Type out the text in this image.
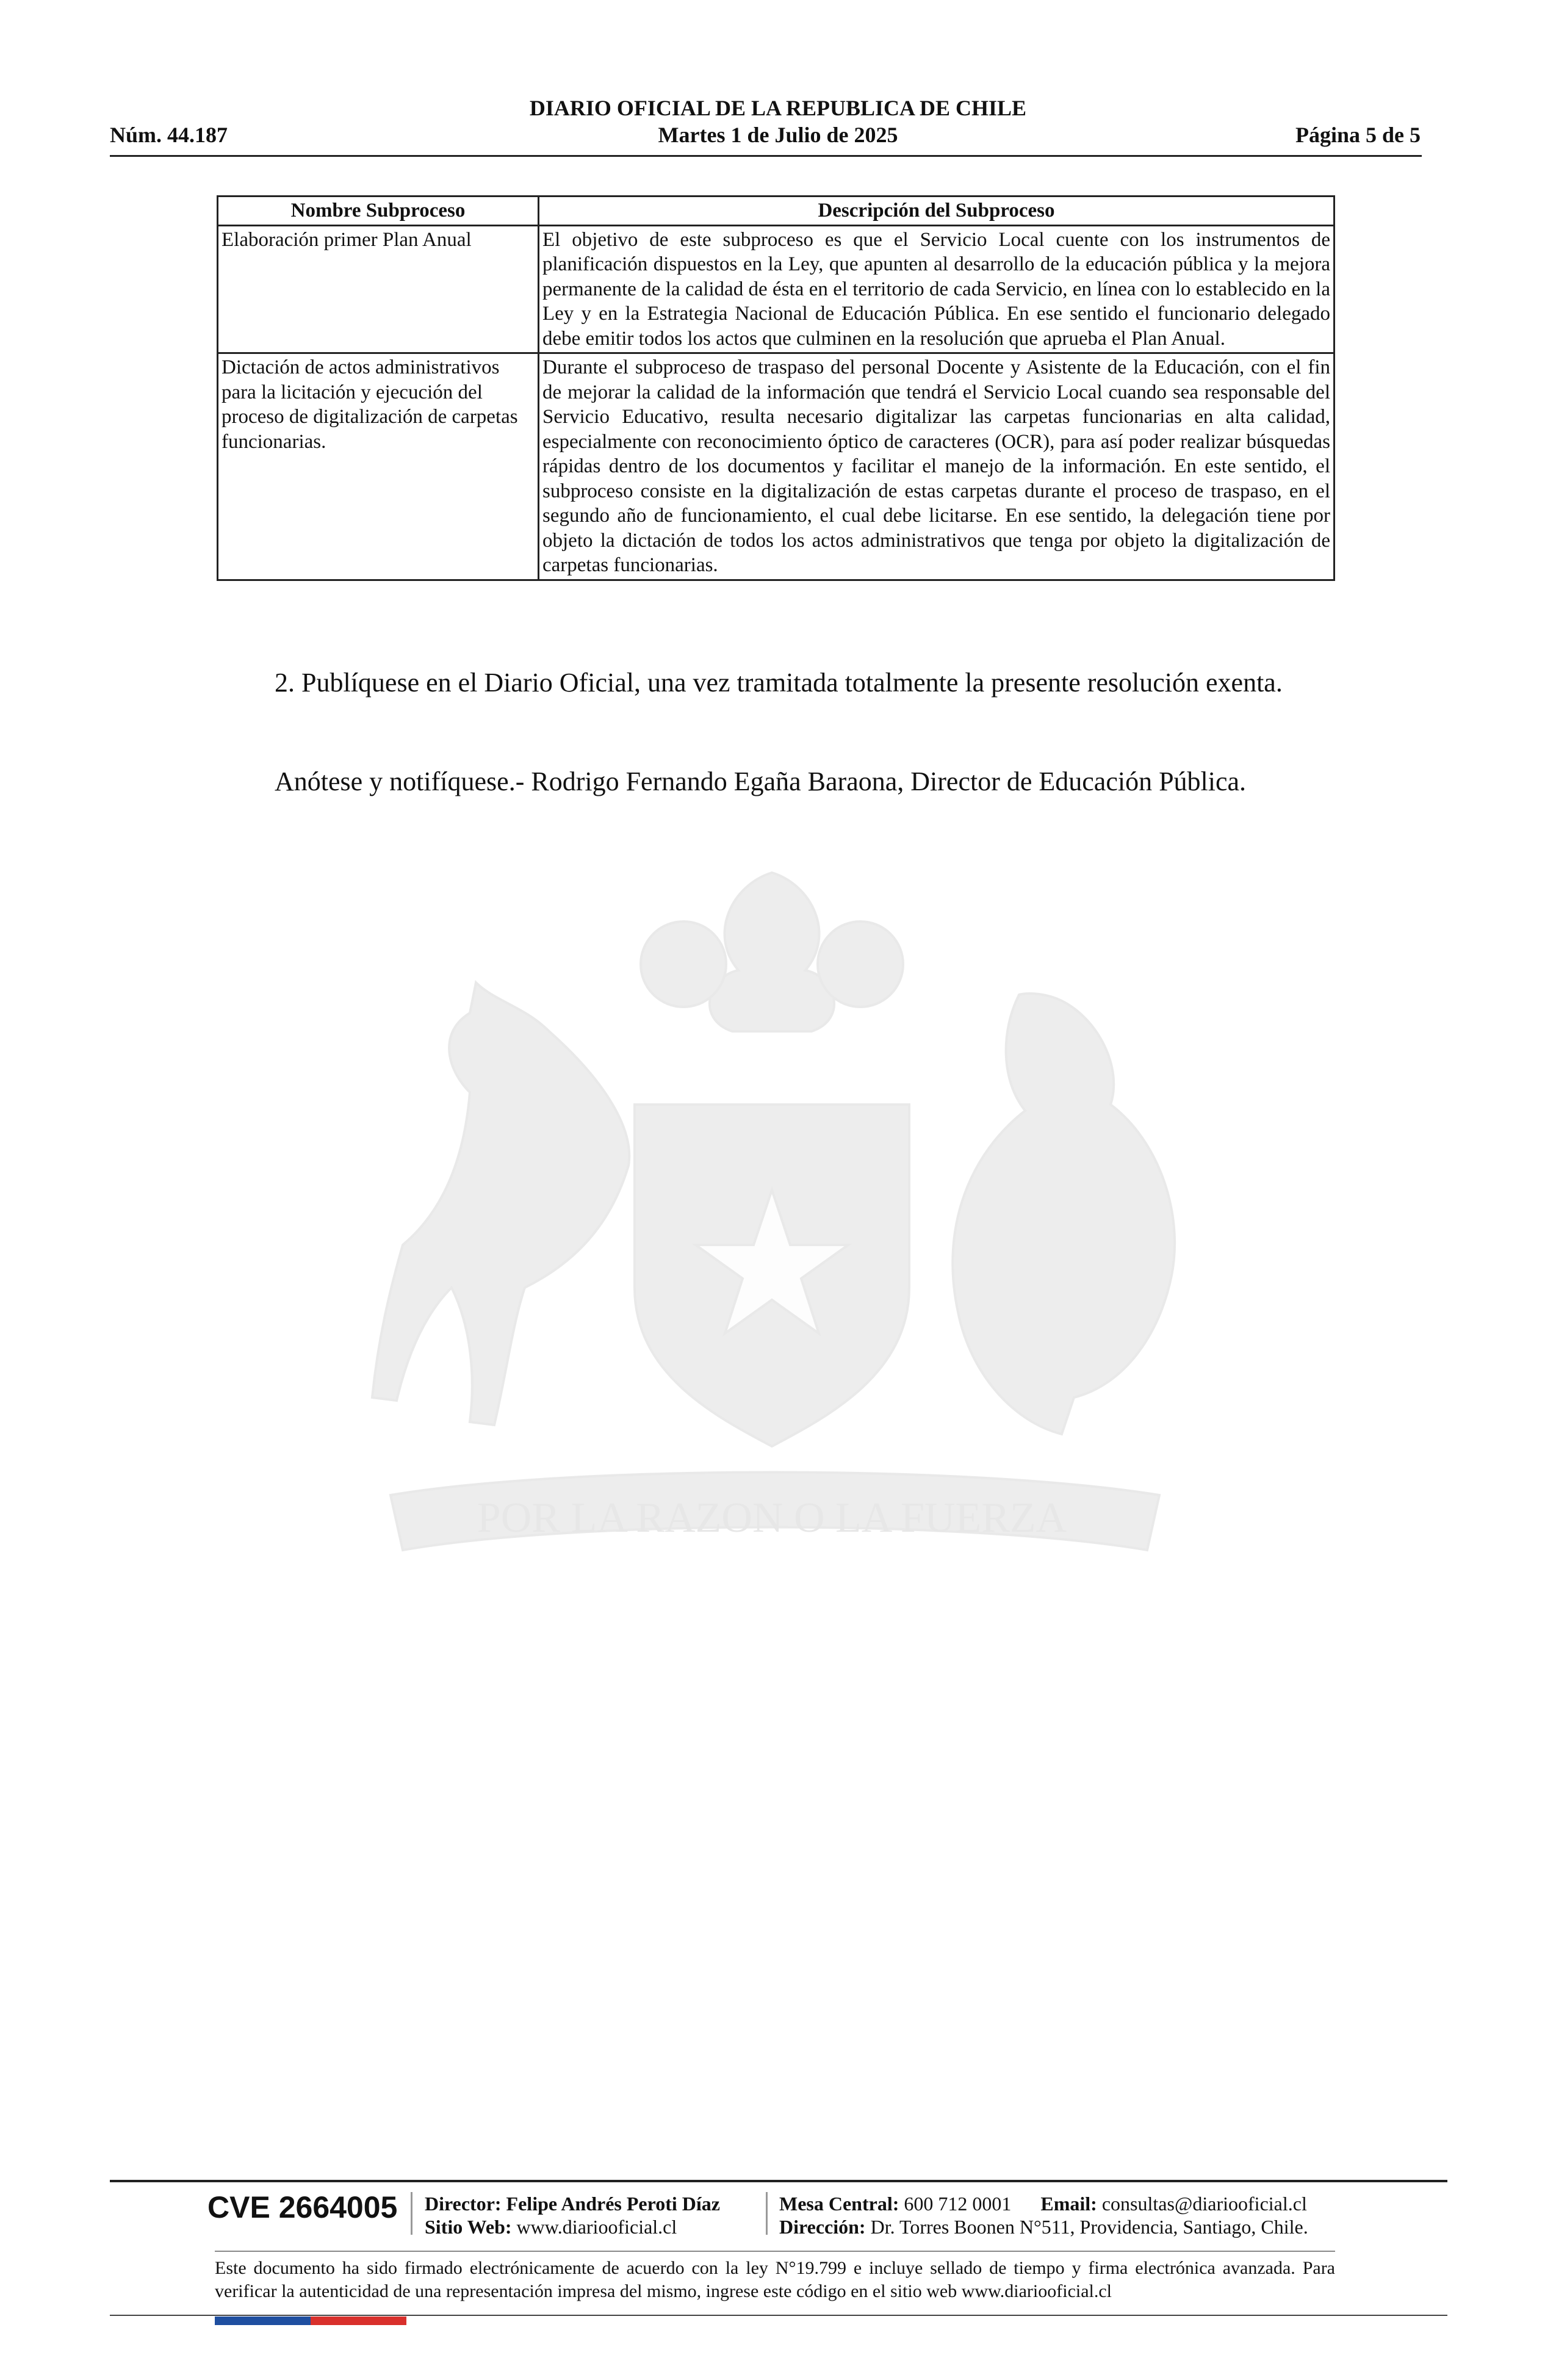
DIARIO OFICIAL DE LA REPUBLICA DE CHILE
Martes 1 de Julio de 2025
Núm. 44.187	Página 5 de 5
POR LA RAZON O LA FUERZA
Nombre Subproceso	Descripción del Subproceso
Elaboración primer Plan Anual	El objetivo de este subproceso es que el Servicio Local cuente con los instrumentos de planificación dispuestos en la Ley, que apunten al desarrollo de la educación pública y la mejora permanente de la calidad de ésta en el territorio de cada Servicio, en línea con lo establecido en la Ley y en la Estrategia Nacional de Educación Pública. En ese sentido el funcionario delegado debe emitir todos los actos que culminen en la resolución que aprueba el Plan Anual.
Dictación de actos administrativos para la licitación y ejecución del proceso de digitalización de carpetas funcionarias.	Durante el subproceso de traspaso del personal Docente y Asistente de la Educación, con el fin de mejorar la calidad de la información que tendrá el Servicio Local cuando sea responsable del Servicio Educativo, resulta necesario digitalizar las carpetas funcionarias en alta calidad, especialmente con reconocimiento óptico de caracteres (OCR), para así poder realizar búsquedas rápidas dentro de los documentos y facilitar el manejo de la información. En este sentido, el subproceso consiste en la digitalización de estas carpetas durante el proceso de traspaso, en el segundo año de funcionamiento, el cual debe licitarse. En ese sentido, la delegación tiene por objeto la dictación de todos los actos administrativos que tenga por objeto la digitalización de carpetas funcionarias.

2. Publíquese en el Diario Oficial, una vez tramitada totalmente la presente resolución exenta.

Anótese y notifíquese.- Rodrigo Fernando Egaña Baraona, Director de Educación Pública.

CVE 2664005 Director: Felipe Andrés Peroti Díaz
Sitio Web: www.diariooficial.cl
Mesa Central: 600 712 0001 Email: consultas@diariooficial.cl
Dirección: Dr. Torres Boonen N°511, Providencia, Santiago, Chile.
Este documento ha sido firmado electrónicamente de acuerdo con la ley N°19.799 e incluye sellado de tiempo y firma electrónica avanzada. Para verificar la autenticidad de una representación impresa del mismo, ingrese este código en el sitio web www.diariooficial.cl
